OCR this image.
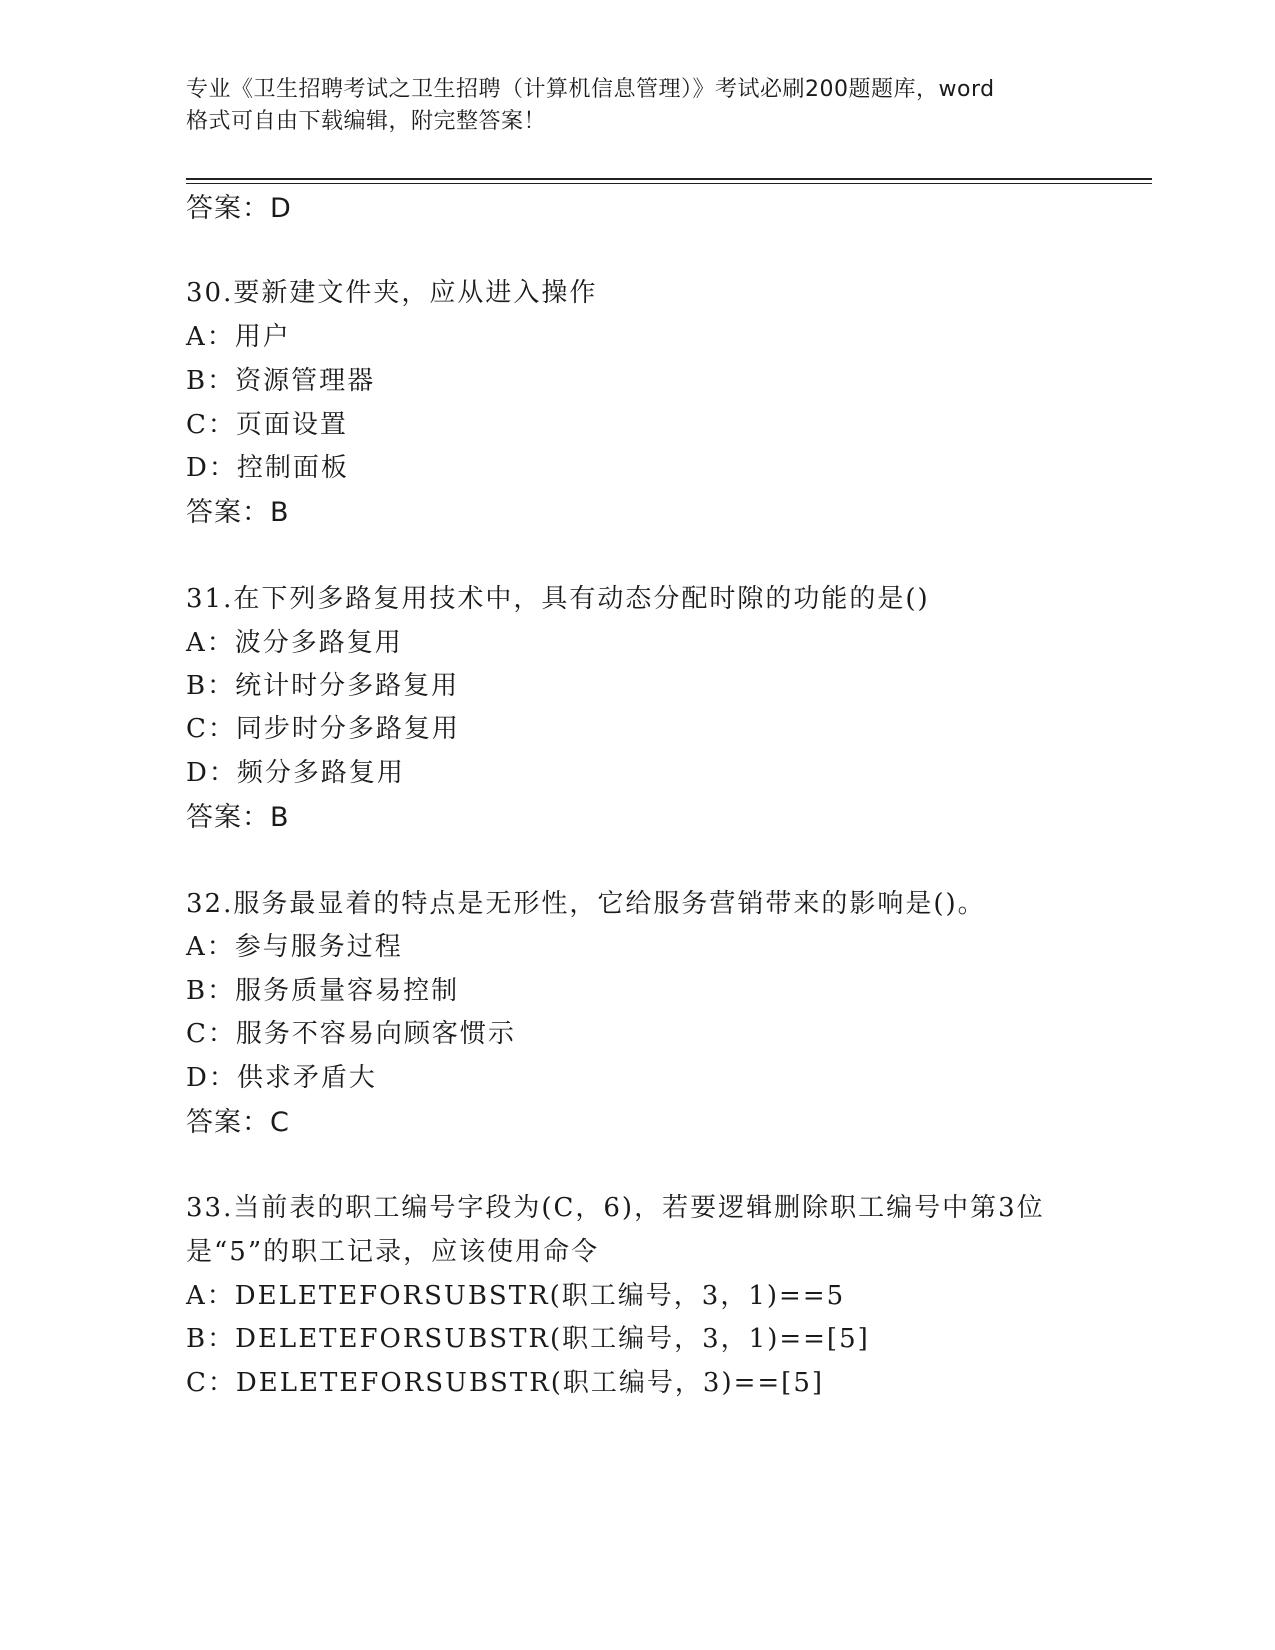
专业《卫生招聘考试之卫生招聘（计算机信息管理）》考试必刷200题题库，word
格式可自由下载编辑，附完整答案！
答案：D
30.要新建文件夹，应从进入操作
A：用户
B：资源管理器
C：页面设置
D：控制面板
答案：B
31.在下列多路复用技术中，具有动态分配时隙的功能的是()
A：波分多路复用
B：统计时分多路复用
C：同步时分多路复用
D：频分多路复用
答案：B
32.服务最显着的特点是无形性，它给服务营销带来的影响是()。
A：参与服务过程
B：服务质量容易控制
C：服务不容易向顾客惯示
D：供求矛盾大
答案：C
33.当前表的职工编号字段为(C，6)，若要逻辑删除职工编号中第3位
是“5”的职工记录，应该使用命令
A：DELETEFORSUBSTR(职工编号，3，1)==5
B：DELETEFORSUBSTR(职工编号，3，1)==[5]
C：DELETEFORSUBSTR(职工编号，3)==[5]
